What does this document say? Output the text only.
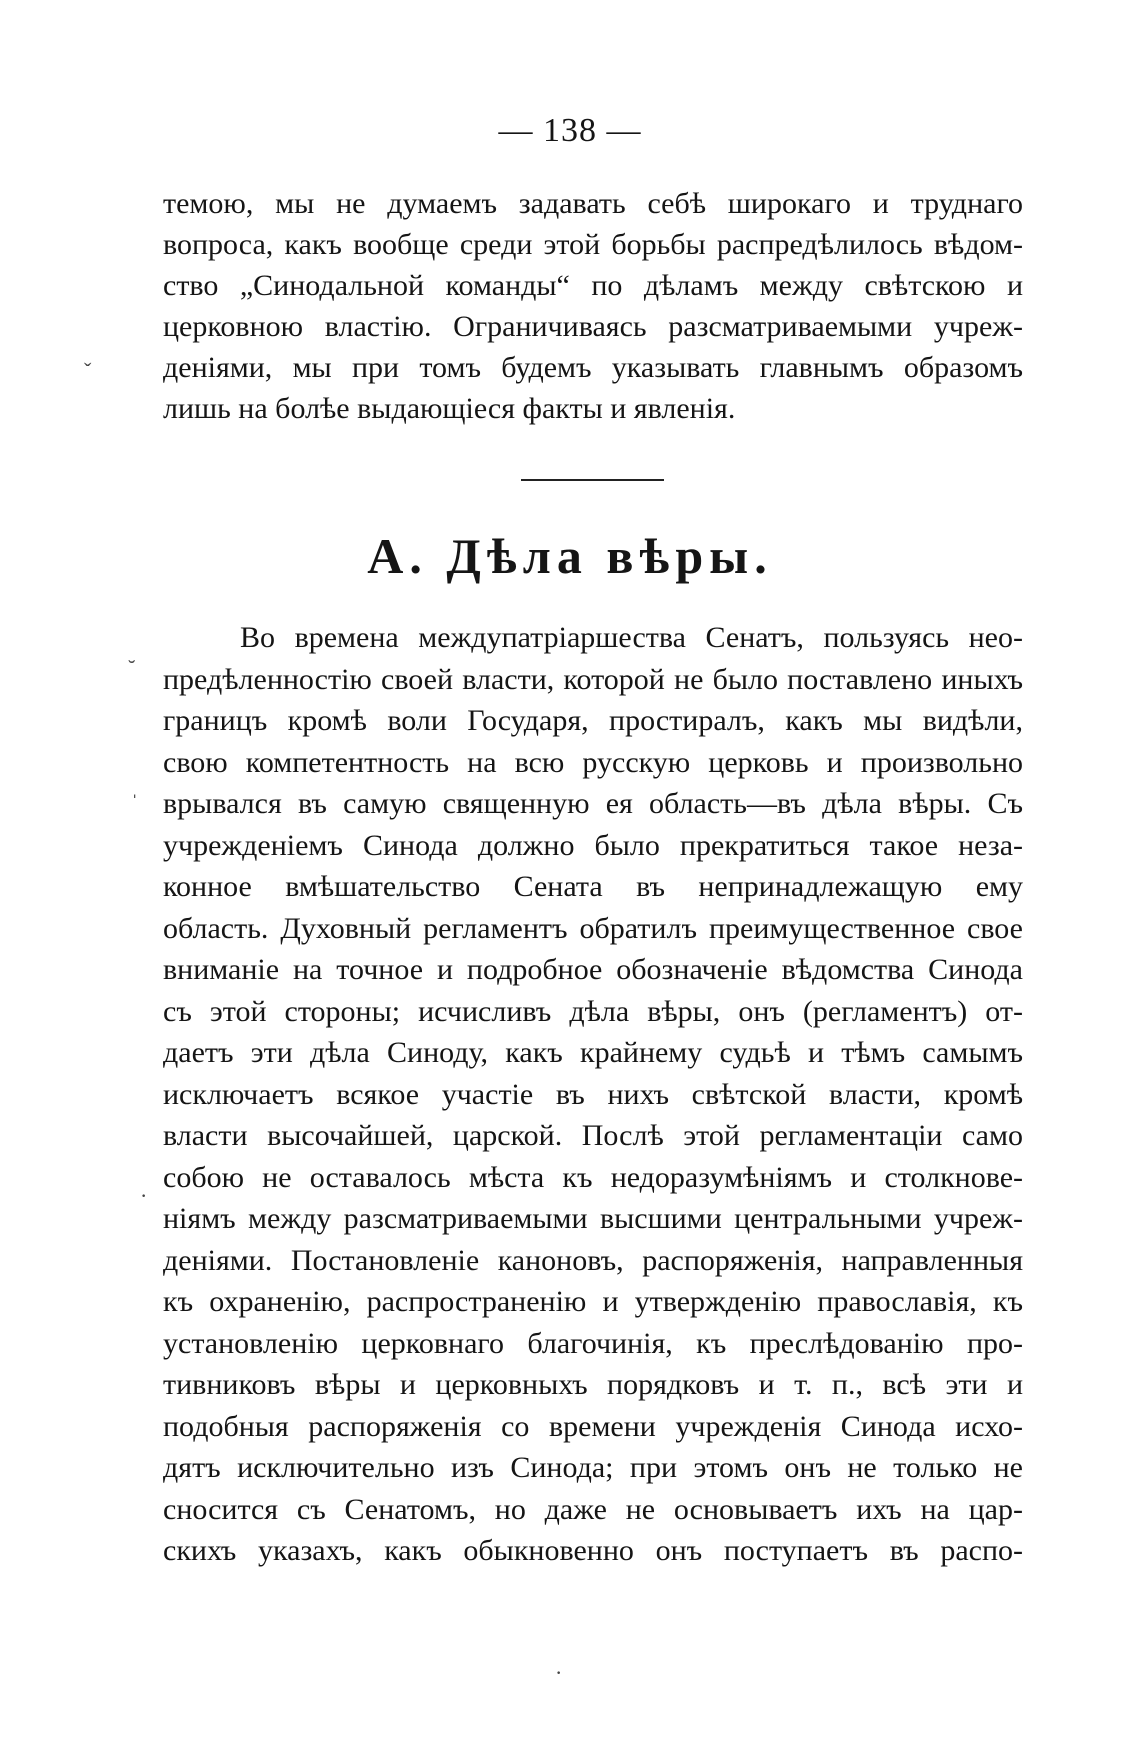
— 138 —
темою, мы не думаемъ задавать себѣ широкаго и труднаго
вопроса, какъ вообще среди этой борьбы распредѣлилось вѣдом-
ство „Синодальной команды“ по дѣламъ между свѣтскою и
церковною властію. Ограничиваясь разсматриваемыми учреж-
деніями, мы при томъ будемъ указывать главнымъ образомъ
лишь на болѣе выдающіеся факты и явленія.
А. Дѣла вѣры.
Во времена междупатріаршества Сенатъ, пользуясь нео-
предѣленностію своей власти, которой не было поставлено иныхъ
границъ кромѣ воли Государя, простиралъ, какъ мы видѣли,
свою компетентность на всю русскую церковь и произвольно
врывался въ самую священную ея область—въ дѣла вѣры. Съ
учрежденіемъ Синода должно было прекратиться такое неза-
конное вмѣшательство Сената въ непринадлежащую ему
область. Духовный регламентъ обратилъ преимущественное свое
вниманіе на точное и подробное обозначеніе вѣдомства Синода
съ этой стороны; исчисливъ дѣла вѣры, онъ (регламентъ) от-
даетъ эти дѣла Синоду, какъ крайнему судьѣ и тѣмъ самымъ
исключаетъ всякое участіе въ нихъ свѣтской власти, кромѣ
власти высочайшей, царской. Послѣ этой регламентаціи само
собою не оставалось мѣста къ недоразумѣніямъ и столкнове-
ніямъ между разсматриваемыми высшими центральными учреж-
деніями. Постановленіе каноновъ, распоряженія, направленныя
къ охраненію, распространенію и утвержденію православія, къ
установленію церковнаго благочинія, къ преслѣдованію про-
тивниковъ вѣры и церковныхъ порядковъ и т. п., всѣ эти и
подобныя распоряженія со времени учрежденія Синода исхо-
дятъ исключительно изъ Синода; при этомъ онъ не только не
сносится съ Сенатомъ, но даже не основываетъ ихъ на цар-
скихъ указахъ, какъ обыкновенно онъ поступаетъ въ распо-
ˇ
˘
ˌ
·
·
